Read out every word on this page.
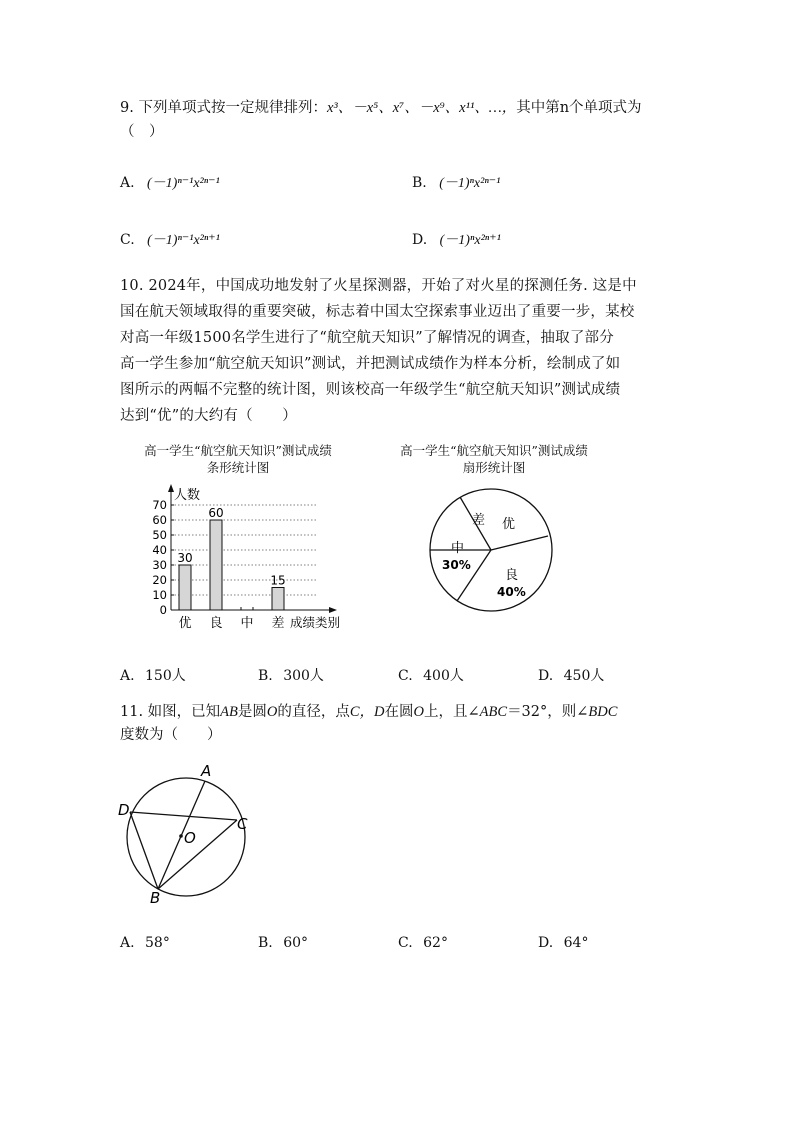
9. 下列单项式按一定规律排列：x³、－x⁵、x⁷、－x⁹、x¹¹、…，其中第n个单项式为
（　）
A. (－1)ⁿ⁻¹x²ⁿ⁻¹	B. (－1)ⁿx²ⁿ⁻¹
C. (－1)ⁿ⁻¹x²ⁿ⁺¹	D. (－1)ⁿx²ⁿ⁺¹
10. 2024年，中国成功地发射了火星探测器，开始了对火星的探测任务. 这是中
国在航天领域取得的重要突破，标志着中国太空探索事业迈出了重要一步，某校
对高一年级1500名学生进行了“航空航天知识”了解情况的调查，抽取了部分
高一学生参加“航空航天知识”测试，并把测试成绩作为样本分析，绘制成了如
图所示的两幅不完整的统计图，则该校高一年级学生“航空航天知识”测试成绩
达到“优”的大约有（　　）
高一学生“航空航天知识”测试成绩
条形统计图
高一学生“航空航天知识”测试成绩
扇形统计图
人数
成绩类别
0
10
20
30
40
50
60
70
30
60
15
优 良 中 差
优
良
40%
中
30%
差
A. 150人	B. 300人	C. 400人	D. 450人
11. 如图，已知AB是圆O的直径，点C，D在圆O上，且∠ABC＝32°，则∠BDC
度数为（　　）
A
B
C
D
O
A. 58°	B. 60°	C. 62°	D. 64°
